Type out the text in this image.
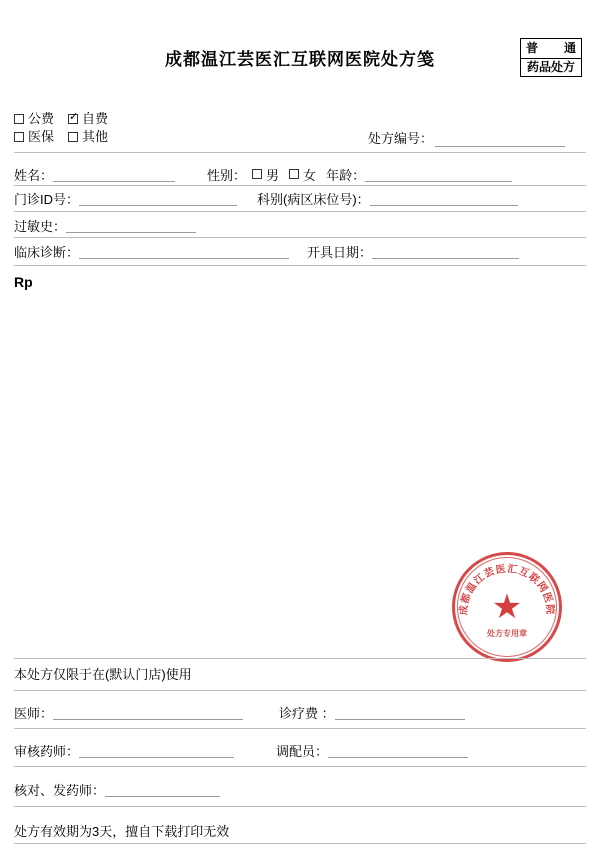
成都温江芸医汇互联网医院处方笺
普 通
药品处方
公费 ✓ 自费
医保 其他	处方编号：
姓名：	性别： 男 女 年龄：
门诊ID号：	科别(病区床位号)：
过敏史：
临床诊断：	开具日期：
Rp
·	·
·
成都温江芸医汇互联网医院
★
处方专用章
本处方仅限于在(默认门店)使用
医师：	诊疗费 ：
审核药师：	调配员：
核对、发药师：
处方有效期为3天，擅自下载打印无效
